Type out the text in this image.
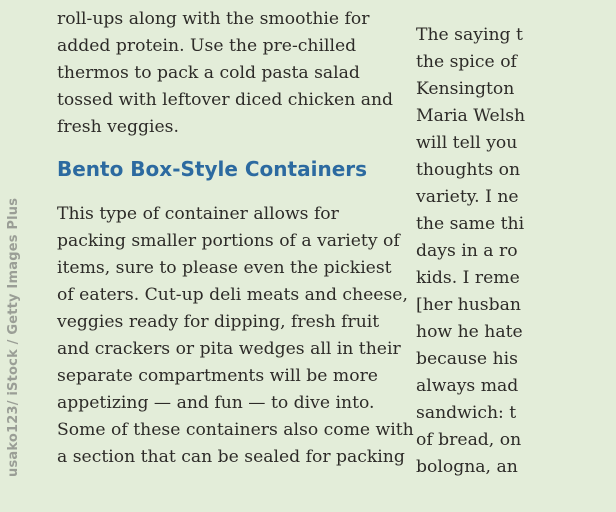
usako123/ iStock / Getty Images Plus

roll-ups along with the smoothie for
added protein. Use the pre-chilled
thermos to pack a cold pasta salad
tossed with leftover diced chicken and
fresh veggies.

Bento Box-Style Containers

This type of container allows for
packing smaller portions of a variety of
items, sure to please even the pickiest
of eaters. Cut-up deli meats and cheese,
veggies ready for dipping, fresh fruit
and crackers or pita wedges all in their
separate compartments will be more
appetizing — and fun — to dive into.
Some of these containers also come with
a section that can be sealed for packing

The saying t
the spice of
Kensington
Maria Welsh
will tell you
thoughts on
variety. I ne
the same thi
days in a ro
kids. I reme
[her husban
how he hate
because his
always mad
sandwich: t
of bread, on
bologna, an
